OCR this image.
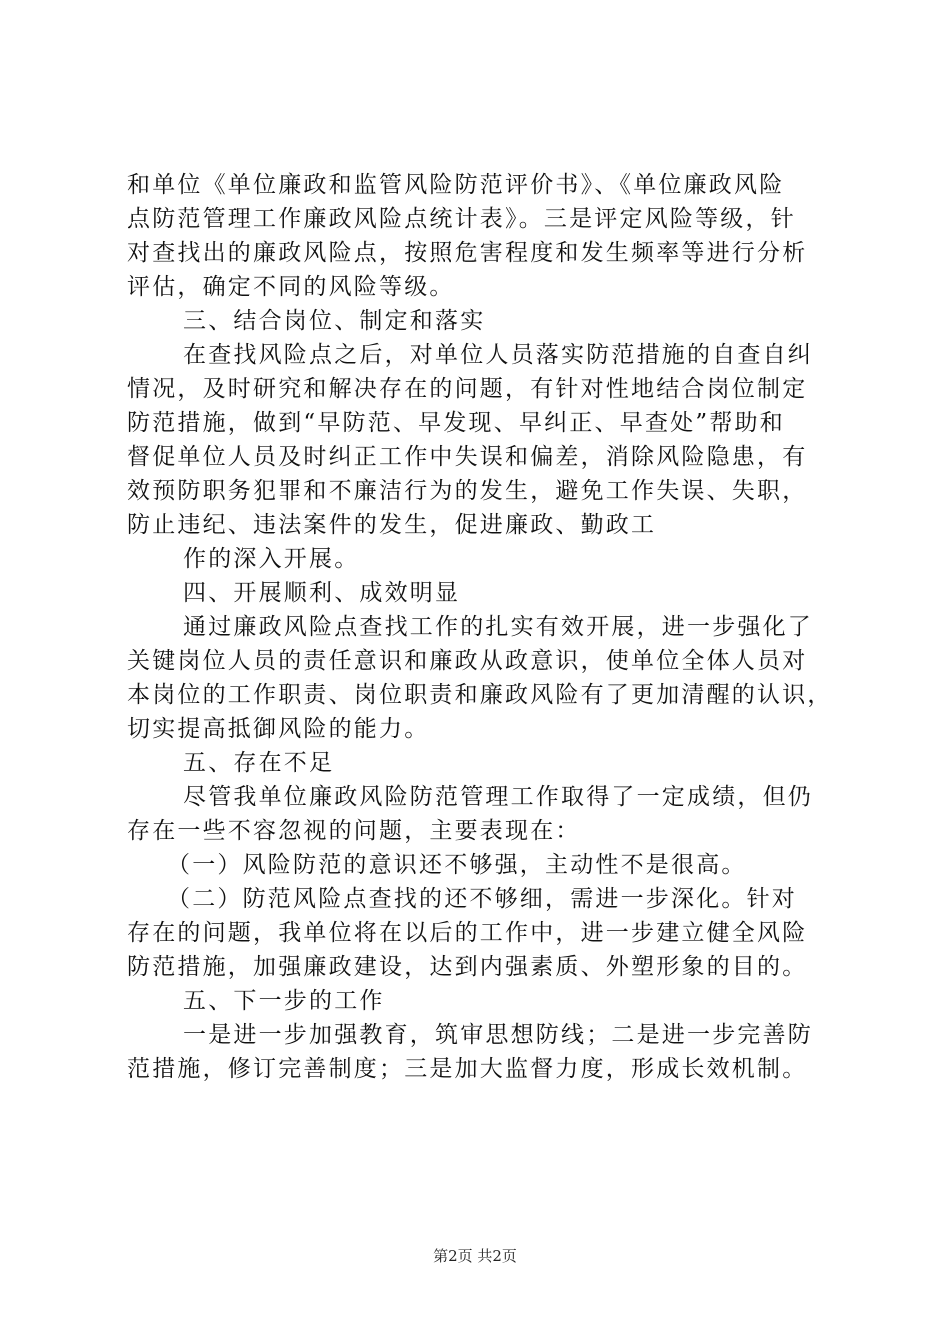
和单位《单位廉政和监管风险防范评价书》、《单位廉政风险
点防范管理工作廉政风险点统计表》。三是评定风险等级，针
对查找出的廉政风险点，按照危害程度和发生频率等进行分析
评估，确定不同的风险等级。
三、结合岗位、制定和落实
在查找风险点之后，对单位人员落实防范措施的自查自纠
情况，及时研究和解决存在的问题，有针对性地结合岗位制定
防范措施，做到“早防范、早发现、早纠正、早查处”帮助和
督促单位人员及时纠正工作中失误和偏差，消除风险隐患，有
效预防职务犯罪和不廉洁行为的发生，避免工作失误、失职，
防止违纪、违法案件的发生，促进廉政、勤政工
作的深入开展。
四、开展顺利、成效明显
通过廉政风险点查找工作的扎实有效开展，进一步强化了
关键岗位人员的责任意识和廉政从政意识，使单位全体人员对
本岗位的工作职责、岗位职责和廉政风险有了更加清醒的认识，
切实提高抵御风险的能力。
五、存在不足
尽管我单位廉政风险防范管理工作取得了一定成绩，但仍
存在一些不容忽视的问题，主要表现在：
（一）风险防范的意识还不够强，主动性不是很高。
（二）防范风险点查找的还不够细，需进一步深化。针对
存在的问题，我单位将在以后的工作中，进一步建立健全风险
防范措施，加强廉政建设，达到内强素质、外塑形象的目的。
五、下一步的工作
一是进一步加强教育，筑审思想防线；二是进一步完善防
范措施，修订完善制度；三是加大监督力度，形成长效机制。
第2页 共2页
